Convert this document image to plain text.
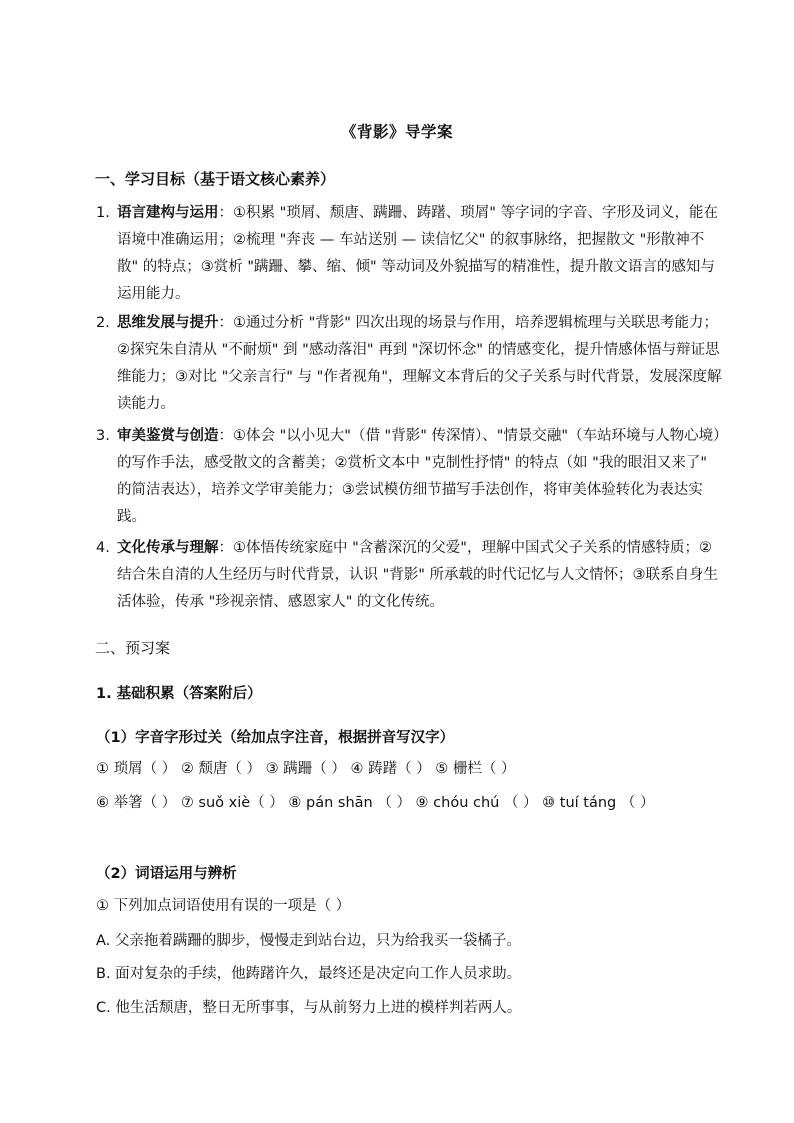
《背影》导学案
一、学习目标（基于语文核心素养）
1. 语言建构与运用：①积累 "琐屑、颓唐、蹒跚、踌躇、琐屑" 等字词的字音、字形及词义，能在语境中准确运用；②梳理 "奔丧 — 车站送别 — 读信忆父" 的叙事脉络，把握散文 "形散神不散" 的特点；③赏析 "蹒跚、攀、缩、倾" 等动词及外貌描写的精准性，提升散文语言的感知与运用能力。
2. 思维发展与提升：①通过分析 "背影" 四次出现的场景与作用，培养逻辑梳理与关联思考能力；②探究朱自清从 "不耐烦" 到 "感动落泪" 再到 "深切怀念" 的情感变化，提升情感体悟与辩证思维能力；③对比 "父亲言行" 与 "作者视角"，理解文本背后的父子关系与时代背景，发展深度解读能力。
3. 审美鉴赏与创造：①体会 "以小见大"（借 "背影" 传深情）、"情景交融"（车站环境与人物心境）的写作手法，感受散文的含蓄美；②赏析文本中 "克制性抒情" 的特点（如 "我的眼泪又来了" 的简洁表达），培养文学审美能力；③尝试模仿细节描写手法创作，将审美体验转化为表达实践。
4. 文化传承与理解：①体悟传统家庭中 "含蓄深沉的父爱"，理解中国式父子关系的情感特质；②结合朱自清的人生经历与时代背景，认识 "背影" 所承载的时代记忆与人文情怀；③联系自身生活体验，传承 "珍视亲情、感恩家人" 的文化传统。
二、预习案
1. 基础积累（答案附后）
（1）字音字形过关（给加点字注音，根据拼音写汉字）
① 琐屑（ ） ② 颓唐（ ） ③ 蹒跚（ ） ④ 踌躇（ ） ⑤ 栅栏（ ）
⑥ 举箸（ ） ⑦ suǒ xiè（ ） ⑧ pán shān （ ） ⑨ chóu chú （ ） ⑩ tuí táng （ ）
（2）词语运用与辨析
① 下列加点词语使用有误的一项是（ ）
A. 父亲拖着蹒跚的脚步，慢慢走到站台边，只为给我买一袋橘子。
B. 面对复杂的手续，他踌躇许久，最终还是决定向工作人员求助。
C. 他生活颓唐，整日无所事事，与从前努力上进的模样判若两人。
